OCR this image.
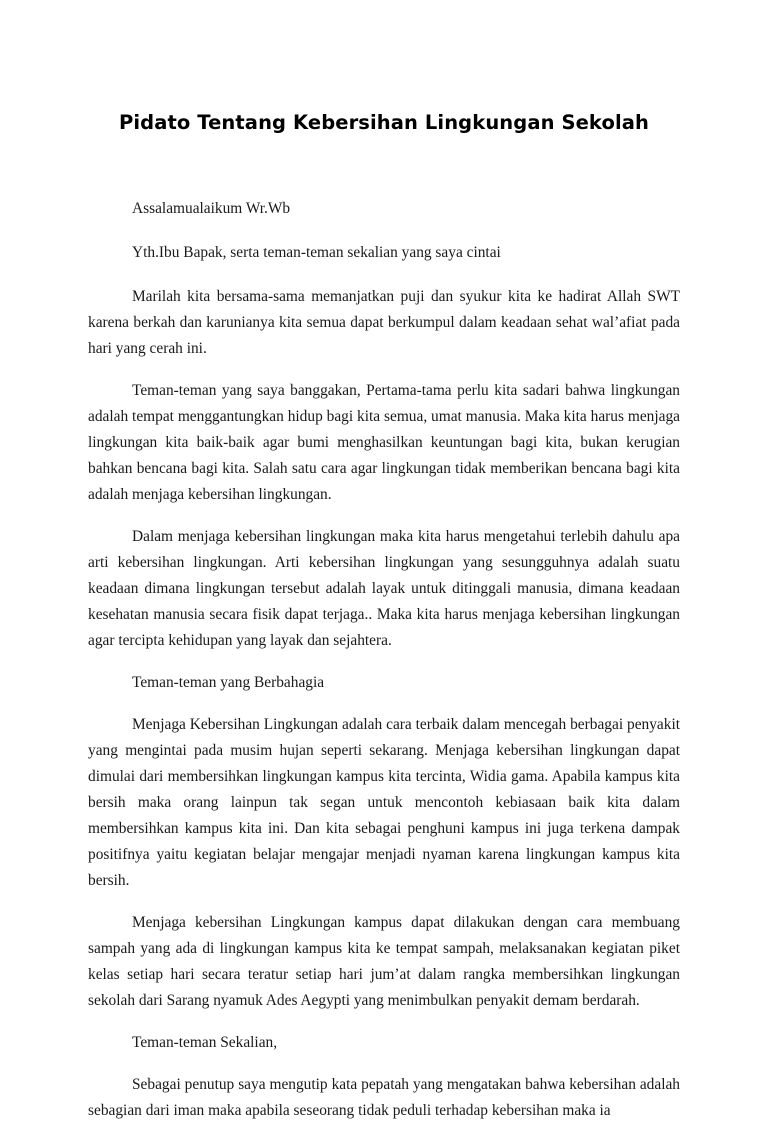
Pidato Tentang Kebersihan Lingkungan Sekolah

Assalamualaikum Wr.Wb

Yth.Ibu Bapak, serta teman-teman sekalian yang saya cintai

Marilah kita bersama-sama memanjatkan puji dan syukur kita ke hadirat Allah SWT karena berkah dan karunianya kita semua dapat berkumpul dalam keadaan sehat wal’afiat pada hari yang cerah ini.

Teman-teman yang saya banggakan, Pertama-tama perlu kita sadari bahwa lingkungan adalah tempat menggantungkan hidup bagi kita semua, umat manusia. Maka kita harus menjaga lingkungan kita baik-baik agar bumi menghasilkan keuntungan bagi kita, bukan kerugian bahkan bencana bagi kita. Salah satu cara agar lingkungan tidak memberikan bencana bagi kita adalah menjaga kebersihan lingkungan.

Dalam menjaga kebersihan lingkungan maka kita harus mengetahui terlebih dahulu apa arti kebersihan lingkungan. Arti kebersihan lingkungan yang sesungguhnya adalah suatu keadaan dimana lingkungan tersebut adalah layak untuk ditinggali manusia, dimana keadaan kesehatan manusia secara fisik dapat terjaga.. Maka kita harus menjaga kebersihan lingkungan agar tercipta kehidupan yang layak dan sejahtera.

Teman-teman yang Berbahagia

Menjaga Kebersihan Lingkungan adalah cara terbaik dalam mencegah berbagai penyakit yang mengintai pada musim hujan seperti sekarang. Menjaga kebersihan lingkungan dapat dimulai dari membersihkan lingkungan kampus kita tercinta, Widia gama. Apabila kampus kita bersih maka orang lainpun tak segan untuk mencontoh kebiasaan baik kita dalam membersihkan kampus kita ini. Dan kita sebagai penghuni kampus ini juga terkena dampak positifnya yaitu kegiatan belajar mengajar menjadi nyaman karena lingkungan kampus kita bersih.

Menjaga kebersihan Lingkungan kampus dapat dilakukan dengan cara membuang sampah yang ada di lingkungan kampus kita ke tempat sampah, melaksanakan kegiatan piket kelas setiap hari secara teratur setiap hari jum’at dalam rangka membersihkan lingkungan sekolah dari Sarang nyamuk Ades Aegypti yang menimbulkan penyakit demam berdarah.

Teman-teman Sekalian,

Sebagai penutup saya mengutip kata pepatah yang mengatakan bahwa kebersihan adalah sebagian dari iman maka apabila seseorang tidak peduli terhadap kebersihan maka ia
